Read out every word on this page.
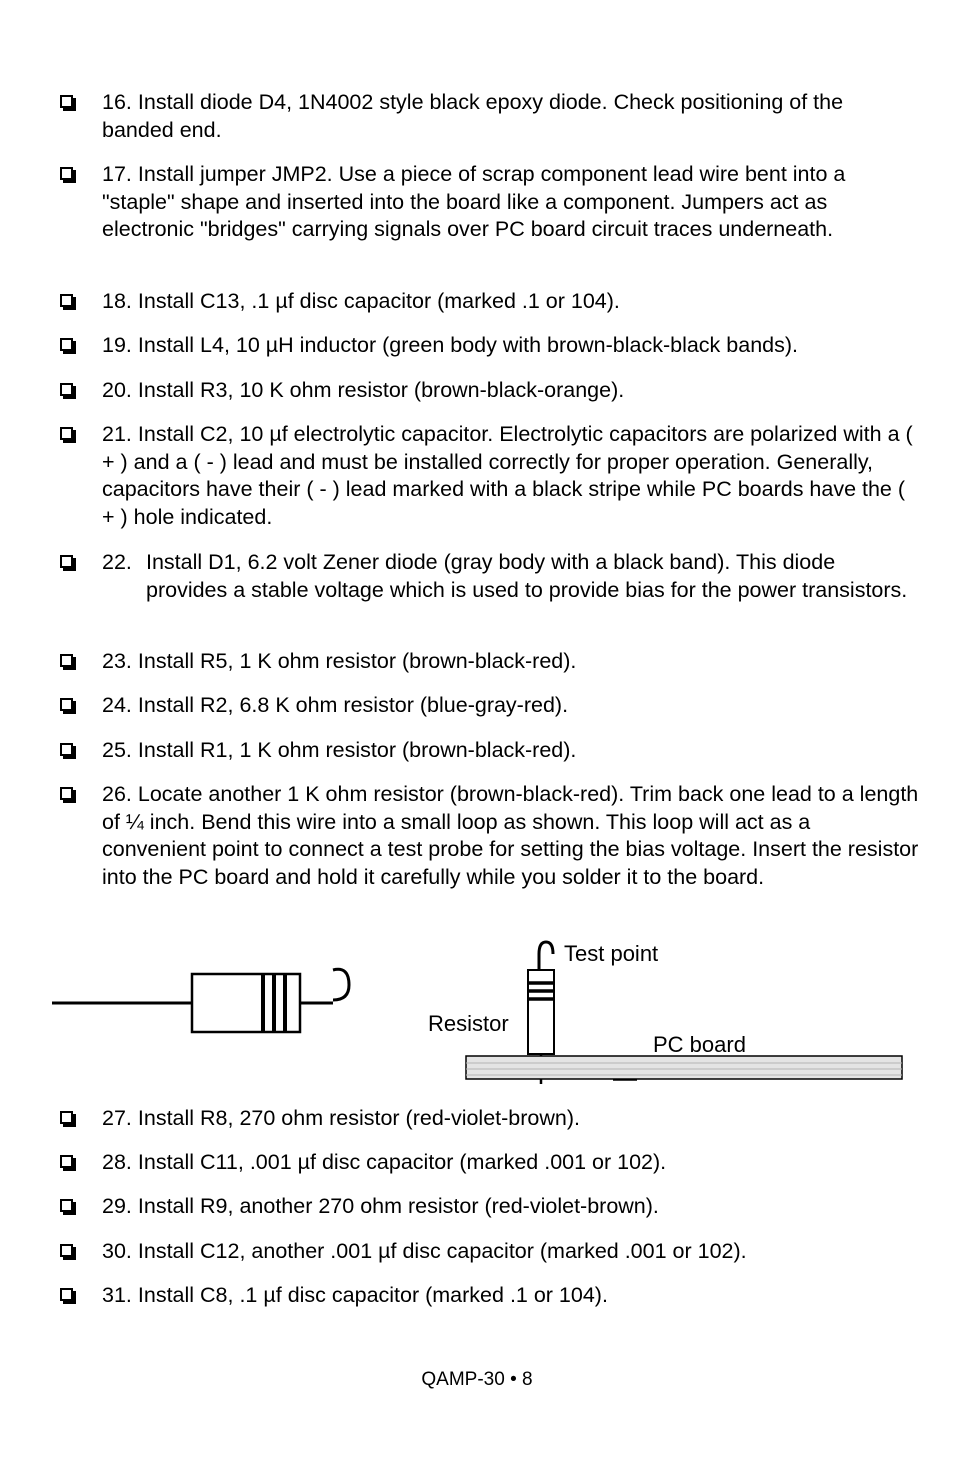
16. Install diode D4, 1N4002 style black epoxy diode. Check positioning of the banded end.
17. Install jumper JMP2. Use a piece of scrap component lead wire bent into a "staple" shape and inserted into the board like a component. Jumpers act as electronic "bridges" carrying signals over PC board circuit traces underneath.
18. Install C13, .1 µf disc capacitor (marked .1 or 104).
19. Install L4, 10 µH inductor (green body with brown-black-black bands).
20. Install R3, 10 K ohm resistor (brown-black-orange).
21. Install C2, 10 µf electrolytic capacitor. Electrolytic capacitors are polarized with a ( + ) and a ( - ) lead and must be installed correctly for proper operation. Generally, capacitors have their ( - ) lead marked with a black stripe while PC boards have the ( + ) hole indicated.
22. Install D1, 6.2 volt Zener diode (gray body with a black band). This diode provides a stable voltage which is used to provide bias for the power transistors.
23. Install R5, 1 K ohm resistor (brown-black-red).
24. Install R2, 6.8 K ohm resistor (blue-gray-red).
25. Install R1, 1 K ohm resistor (brown-black-red).
26. Locate another 1 K ohm resistor (brown-black-red). Trim back one lead to a length of ¼ inch. Bend this wire into a small loop as shown. This loop will act as a convenient point to connect a test probe for setting the bias voltage. Insert the resistor into the PC board and hold it carefully while you solder it to the board.
Test point
Resistor
PC board
27. Install R8, 270 ohm resistor (red-violet-brown).
28. Install C11, .001 µf disc capacitor (marked .001 or 102).
29. Install R9, another 270 ohm resistor (red-violet-brown).
30. Install C12, another .001 µf disc capacitor (marked .001 or 102).
31. Install C8, .1 µf disc capacitor (marked .1 or 104).
QAMP-30 • 8
